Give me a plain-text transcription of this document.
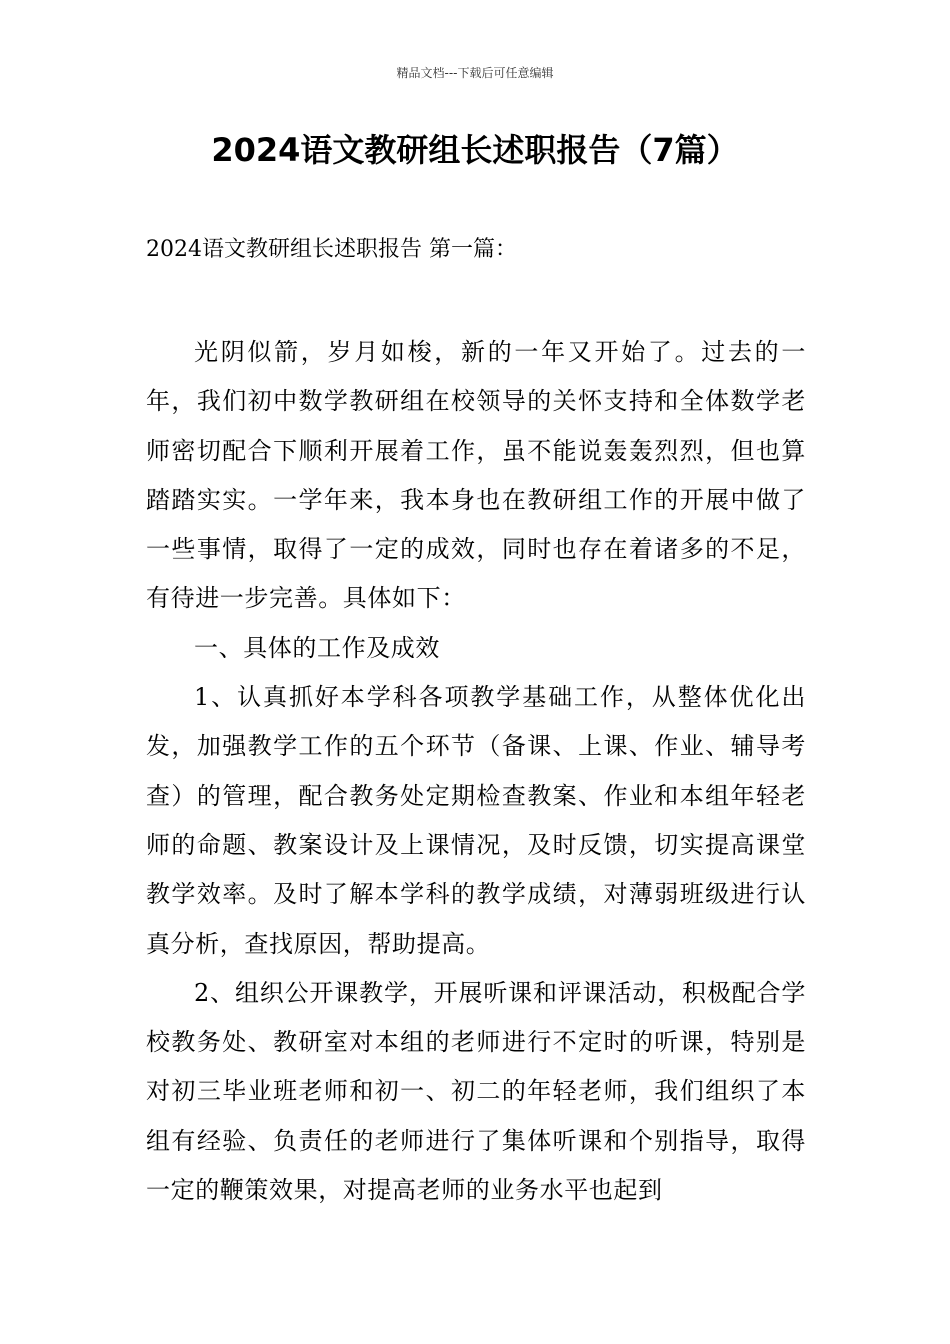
精品文档---下载后可任意编辑
2024语文教研组长述职报告（7篇）
2024语文教研组长述职报告 第一篇：

光阴似箭，岁月如梭，新的一年又开始了。过去的一年，我们初中数学教研组在校领导的关怀支持和全体数学老师密切配合下顺利开展着工作，虽不能说轰轰烈烈，但也算踏踏实实。一学年来，我本身也在教研组工作的开展中做了一些事情，取得了一定的成效，同时也存在着诸多的不足，有待进一步完善。具体如下：

一、具体的工作及成效

1、认真抓好本学科各项教学基础工作，从整体优化出发，加强教学工作的五个环节（备课、上课、作业、辅导考查）的管理，配合教务处定期检查教案、作业和本组年轻老师的命题、教案设计及上课情况，及时反馈，切实提高课堂教学效率。及时了解本学科的教学成绩，对薄弱班级进行认真分析，查找原因，帮助提高。

2、组织公开课教学，开展听课和评课活动，积极配合学校教务处、教研室对本组的老师进行不定时的听课，特别是对初三毕业班老师和初一、初二的年轻老师，我们组织了本组有经验、负责任的老师进行了集体听课和个别指导，取得一定的鞭策效果，对提高老师的业务水平也起到
